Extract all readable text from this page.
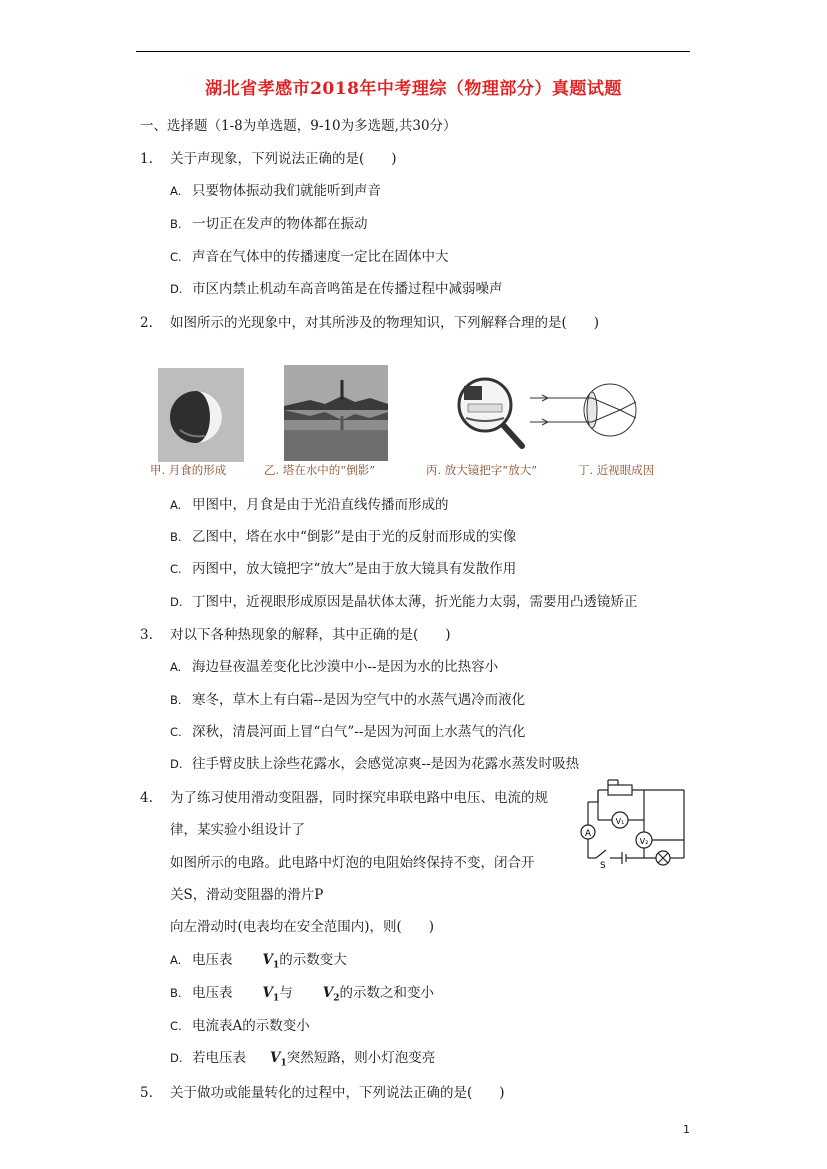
湖北省孝感市2018年中考理综（物理部分）真题试题
一、选择题（1-8为单选题，9-10为多选题,共30分）
1. 关于声现象，下列说法正确的是(　　)
A. 只要物体振动我们就能听到声音
B. 一切正在发声的物体都在振动
C. 声音在气体中的传播速度一定比在固体中大
D. 市区内禁止机动车高音鸣笛是在传播过程中减弱噪声
2. 如图所示的光现象中，对其所涉及的物理知识，下列解释合理的是(　　)
甲. 月食的形成	乙. 塔在水中的“倒影”	丙. 放大镜把字“放大”	丁. 近视眼成因
A. 甲图中，月食是由于光沿直线传播而形成的
B. 乙图中，塔在水中“倒影”是由于光的反射而形成的实像
C. 丙图中，放大镜把字“放大”是由于放大镜具有发散作用
D. 丁图中，近视眼形成原因是晶状体太薄，折光能力太弱，需要用凸透镜矫正
3. 对以下各种热现象的解释，其中正确的是(　　)
A. 海边昼夜温差变化比沙漠中小--是因为水的比热容小
B. 寒冬，草木上有白霜--是因为空气中的水蒸气遇冷而液化
C. 深秋，清晨河面上冒“白气”--是因为河面上水蒸气的汽化
D. 往手臂皮肤上涂些花露水，会感觉凉爽--是因为花露水蒸发时吸热
4. 为了练习使用滑动变阻器，同时探究串联电路中电压、电流的规
律，某实验小组设计了
如图所示的电路。此电路中灯泡的电阻始终保持不变，闭合开
关S，滑动变阻器的滑片P
向左滑动时(电表均在安全范围内)，则(　　)
A
V₁
V₂
S
A. 电压表 $V_1$的示数变大
B. 电压表 $V_1$与 $V_2$的示数之和变小
C. 电流表A的示数变小
D. 若电压表 $V_1$突然短路，则小灯泡变亮
5. 关于做功或能量转化的过程中，下列说法正确的是(　　)
1
